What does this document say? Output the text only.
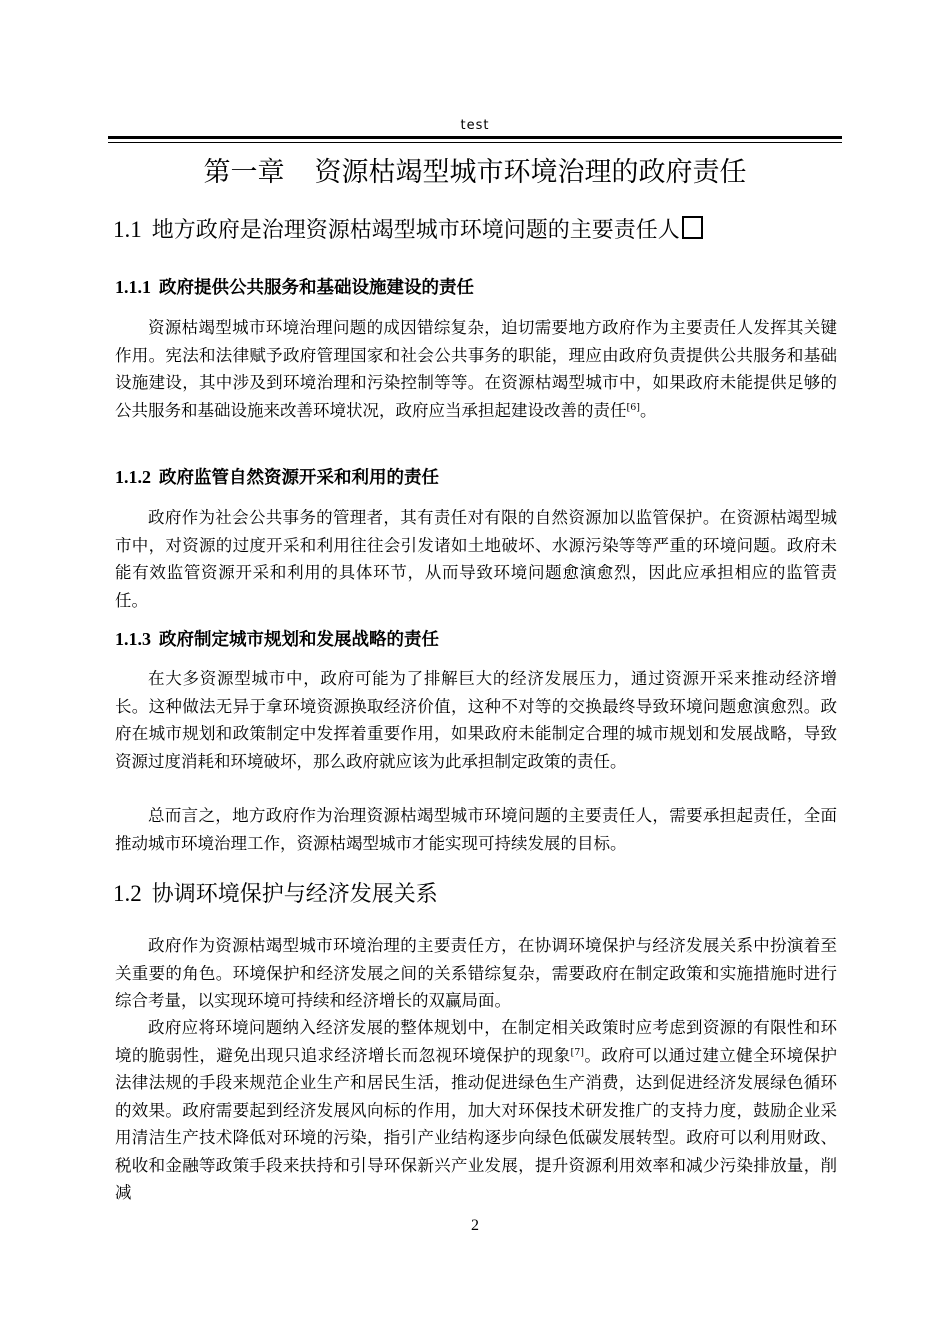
test
第一章 资源枯竭型城市环境治理的政府责任
1.1 地方政府是治理资源枯竭型城市环境问题的主要责任人
1.1.1 政府提供公共服务和基础设施建设的责任

资源枯竭型城市环境治理问题的成因错综复杂，迫切需要地方政府作为主要责任人发挥其关键作用。宪法和法律赋予政府管理国家和社会公共事务的职能，理应由政府负责提供公共服务和基础设施建设，其中涉及到环境治理和污染控制等等。在资源枯竭型城市中，如果政府未能提供足够的公共服务和基础设施来改善环境状况，政府应当承担起建设改善的责任[6]。

1.1.2 政府监管自然资源开采和利用的责任

政府作为社会公共事务的管理者，其有责任对有限的自然资源加以监管保护。在资源枯竭型城市中，对资源的过度开采和利用往往会引发诸如土地破坏、水源污染等等严重的环境问题。政府未能有效监管资源开采和利用的具体环节，从而导致环境问题愈演愈烈，因此应承担相应的监管责任。

1.1.3 政府制定城市规划和发展战略的责任

在大多资源型城市中，政府可能为了排解巨大的经济发展压力，通过资源开采来推动经济增长。这种做法无异于拿环境资源换取经济价值，这种不对等的交换最终导致环境问题愈演愈烈。政府在城市规划和政策制定中发挥着重要作用，如果政府未能制定合理的城市规划和发展战略，导致资源过度消耗和环境破坏，那么政府就应该为此承担制定政策的责任。

总而言之，地方政府作为治理资源枯竭型城市环境问题的主要责任人，需要承担起责任，全面推动城市环境治理工作，资源枯竭型城市才能实现可持续发展的目标。

1.2 协调环境保护与经济发展关系

政府作为资源枯竭型城市环境治理的主要责任方，在协调环境保护与经济发展关系中扮演着至关重要的角色。环境保护和经济发展之间的关系错综复杂，需要政府在制定政策和实施措施时进行综合考量，以实现环境可持续和经济增长的双赢局面。

政府应将环境问题纳入经济发展的整体规划中，在制定相关政策时应考虑到资源的有限性和环境的脆弱性，避免出现只追求经济增长而忽视环境保护的现象[7]。政府可以通过建立健全环境保护法律法规的手段来规范企业生产和居民生活，推动促进绿色生产消费，达到促进经济发展绿色循环的效果。政府需要起到经济发展风向标的作用，加大对环保技术研发推广的支持力度，鼓励企业采用清洁生产技术降低对环境的污染，指引产业结构逐步向绿色低碳发展转型。政府可以利用财政、税收和金融等政策手段来扶持和引导环保新兴产业发展，提升资源利用效率和减少污染排放量，削减

2
